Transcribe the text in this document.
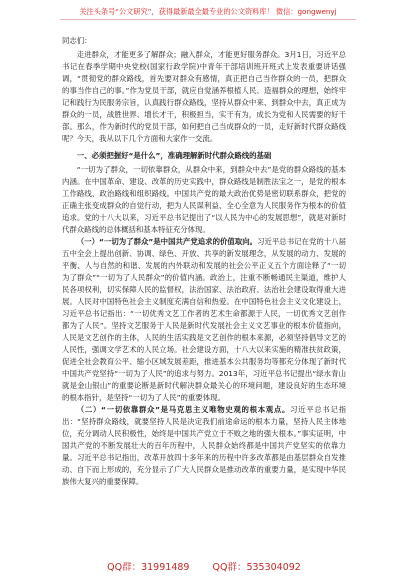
关注头条号“公文研究”，获得最新最全最专业的公文资料库！ 微信：gongwenyj

同志们：

走进群众，才能更多了解群众；融入群众，才能更好服务群众。3月1日，习近平总书记在春季学期中央党校(国家行政学院)中青年干部培训班开班式上发表重要讲话强调，“贯彻党的群众路线，首先要对群众有感情，真正把自己当作群众的一员，把群众的事当作自己的事。”作为党员干部，就应自觉涵养根植人民、造福群众的理想，始终牢记和践行为民服务宗旨，认真践行群众路线，坚持从群众中来、到群众中去，真正成为群众的一员，战胜世界、增长才干，积极担当，实干有为，成长为党和人民需要的好干部。那么，作为新时代的党员干部，如何把自己当成群众的一员，走好新时代群众路线呢？今天，我从以下几个方面和大家作一交流。

一、必须把握好“是什么”，准确理解新时代群众路线的基础

“一切为了群众，一切依靠群众，从群众中来，到群众中去”是党的群众路线的基本内涵。在中国革命、建设、改革的历史实践中，群众路线是制胜法宝之一，是党的根本工作路线、政治路线和组织路线。中国共产党的最大政治优势是密切联系群众，把党的正确主张变成群众的自觉行动，把为人民谋利益、全心全意为人民服务作为根本的价值追求。党的十八大以来，习近平总书记提出了“以人民为中心的发展思想”，就是对新时代群众路线的总体概括和基本特征充分体现。

（一）“一切为了群众”是中国共产党追求的价值取向。习近平总书记在党的十八届五中全会上提出创新、协调、绿色、开放、共享的新发展理念，从发展的动力、发展的平衡、人与自然的和谐、发展的内外联动和发展的社会公平正义五个方面诠释了“一切为了群众”“一切为了人民群众”的价值内涵。政治上，注重不断畅通民主渠道，维护人民各项权利，切实保障人民的监督权，法治国家、法治政府、法治社会建设取得重大进展。人民对中国特色社会主义制度充满自信和热爱。在中国特色社会主义文化建设上，习近平总书记指出：“一切优秀文艺工作者的艺术生命都源于人民，一切优秀文艺创作都为了人民”。坚持文艺服务于人民是新时代发展社会主义文艺事业的根本价值指向，人民是文艺创作的主体，人民的生活实践是文艺创作的根本来源，必须坚持倡导文艺的人民性，强调文学艺术的人民立场。社会建设方面，十八大以来实施的精准扶贫政策，促进全社会教育公平、缩小区域发展差距，推进基本公共服务均等都充分体现了新时代中国共产党坚持“一切为了人民”的追求与努力。2013年，习近平总书记提出“绿水青山就是金山银山”的重要论断是新时代解决群众最关心的环境问题，建设良好的生态环境的根本指针，是坚持“一切为了人民”的重要体现。

（二）“一切依靠群众”是马克思主义唯物史观的根本观点。习近平总书记指出：“坚持群众路线，就要坚持人民是决定我们前途命运的根本力量，坚持人民主体地位，充分调动人民积极性，始终是中国共产党立于不败之地的强大根本。”事实证明，中国共产党的不断发展壮大的百年历程中，人民群众始终都是中国共产党坚实的依靠力量。习近平总书记指出，改革开放四十多年来的历程中许多改革都是由基层群众自发推动、自下而上形成的，充分显示了广大人民群众是推动改革的重要力量，是实现中华民族伟大复兴的重要保障。

QQ群：31991489 QQ群：535304092
